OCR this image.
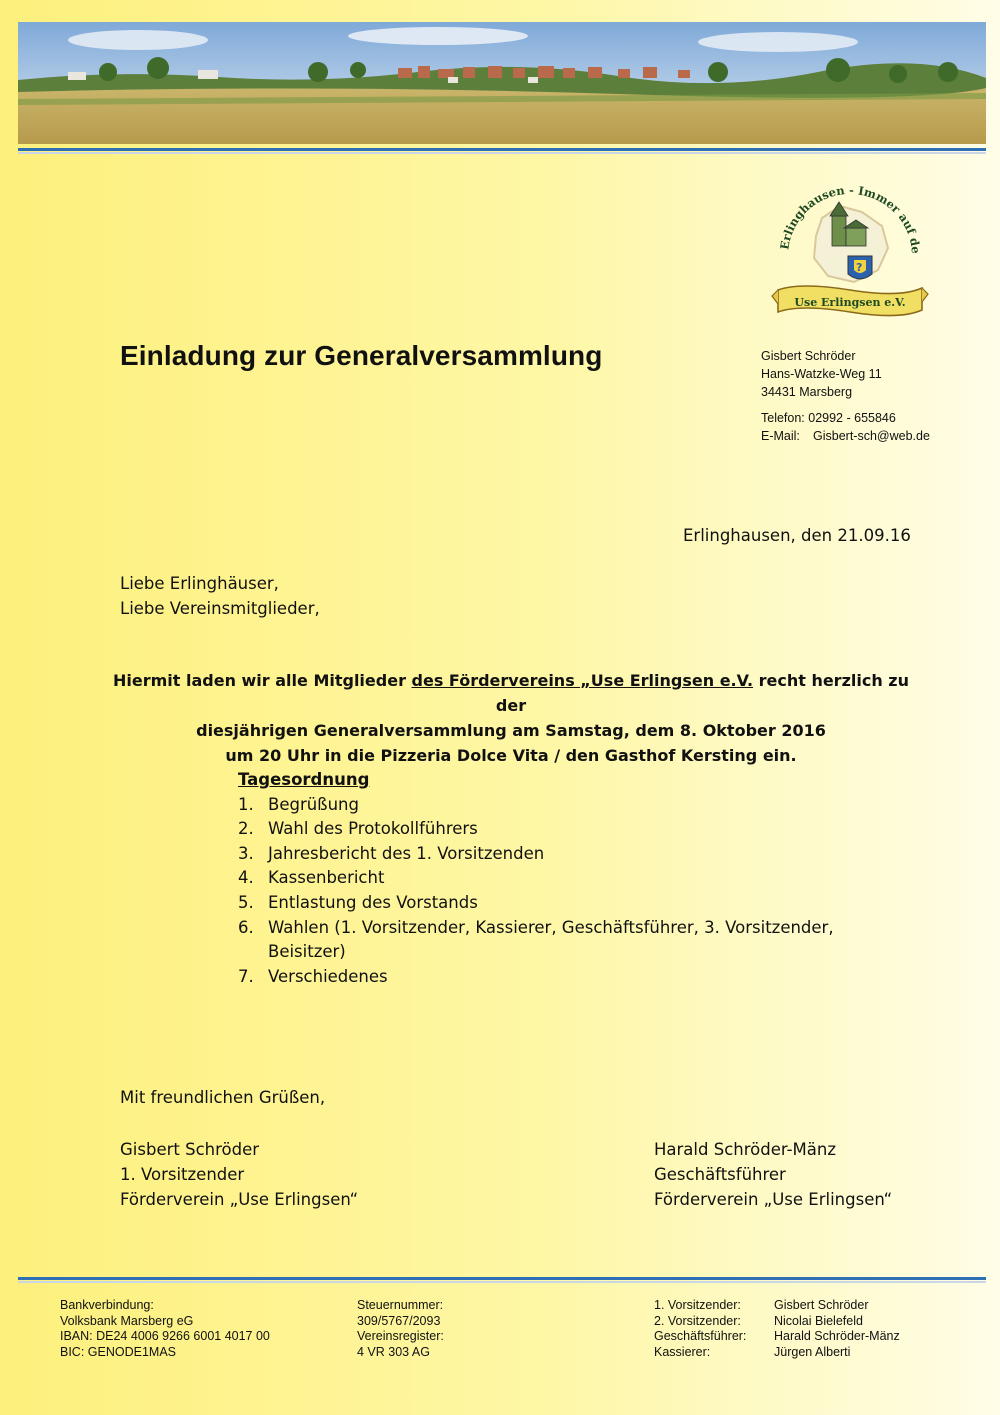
Erlinghausen - Immer auf de
?
Use Erlingsen e.V.
Einladung zur Generalversammlung	Gisbert Schröder
Hans-Watzke-Weg 11
34431 Marsberg
Telefon: 02992 - 655846
E-Mail: Gisbert-sch@web.de
Erlinghausen, den 21.09.16
Liebe Erlinghäuser,
Liebe Vereinsmitglieder,
Hiermit laden wir alle Mitglieder des Fördervereins „Use Erlingsen e.V. recht herzlich zu der
diesjährigen Generalversammlung am Samstag, dem 8. Oktober 2016
um 20 Uhr in die Pizzeria Dolce Vita / den Gasthof Kersting ein.
Tagesordnung
1. Begrüßung
2. Wahl des Protokollführers
3. Jahresbericht des 1. Vorsitzenden
4. Kassenbericht
5. Entlastung des Vorstands
6. Wahlen (1. Vorsitzender, Kassierer, Geschäftsführer, 3. Vorsitzender, Beisitzer)
7. Verschiedenes
Mit freundlichen Grüßen,
Gisbert Schröder
1. Vorsitzender
Förderverein „Use Erlingsen“
Harald Schröder-Mänz
Geschäftsführer
Förderverein „Use Erlingsen“
Bankverbindung:
Volksbank Marsberg eG
IBAN: DE24 4006 9266 6001 4017 00
BIC: GENODE1MAS
Steuernummer:
309/5767/2093
Vereinsregister:
4 VR 303 AG
1. Vorsitzender:	Gisbert Schröder
2. Vorsitzender:	Nicolai Bielefeld
Geschäftsführer:	Harald Schröder-Mänz
Kassierer:	Jürgen Alberti
